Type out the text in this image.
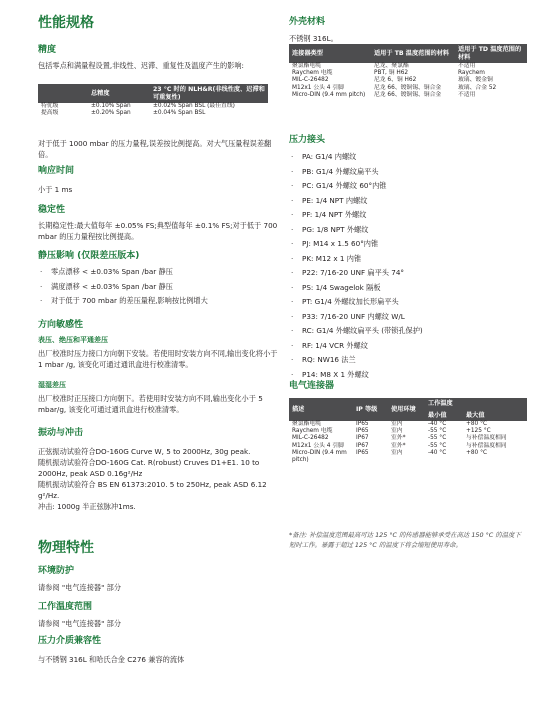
性能规格
精度
包括零点和满量程设置,非线性、迟滞、重复性及温度产生的影响:
	总精度	23 °C 时的 NLH&R(非线性度、迟滞和可重复性)
特优级	±0.10% Span	±0.02% Span BSL (最佳直线)
提高级	±0.20% Span	±0.04% Span BSL
对于低于 1000 mbar 的压力量程,误差按比例提高。对大气压量程误差翻倍。
响应时间
小于 1 ms
稳定性
长期稳定性:最大值每年 ±0.05% FS;典型值每年 ±0.1% FS;对于低于 700 mbar 的压力量程按比例提高。
静压影响 (仅限差压版本)
· 零点漂移 < ±0.03% Span /bar 静压
· 满度漂移 < ±0.03% Span /bar 静压
· 对于低于 700 mbar 的差压量程,影响按比例增大
方向敏感性
表压、绝压和平通差压
出厂校准时压力接口方向朝下安装。若使用时安装方向不同,输出变化将小于 1 mbar /g, 该变化可通过通讯盒进行校准清零。
湿湿差压
出厂校准时正压接口方向朝下。若使用时安装方向不同,输出变化小于 5 mbar/g, 该变化可通过通讯盒进行校准清零。
振动与冲击
正弦振动试验符合DO-160G Curve W, 5 to 2000Hz, 30g peak.
随机振动试验符合DO-160G Cat. R(robust) Cruves D1+E1. 10 to 2000Hz, peak ASD 0.16g²/Hz
随机振动试验符合 BS EN 61373:2010. 5 to 250Hz, peak ASD 6.12 g²/Hz.
冲击: 1000g 半正弦脉冲1ms.
物理特性
环境防护
请参阅 "电气连接器" 部分
工作温度范围
请参阅 "电气连接器" 部分
压力介质兼容性
与不锈钢 316L 和哈氏合金 C276 兼容的流体
外壳材料
不锈钢 316L。
连接器类型	适用于 TB 温度范围的材料	适用于 TD 温度范围的材料
聚氯酯电缆	尼龙、聚氯酯	不适用
Raychem 电缆	PBT, 铜 H62	Raychem
MIL-C-26482	尼龙 6、铜 H62	玻璃、镀金铜
M12x1 公头 4 引脚	尼龙 66、镀铜锡、铜合金	玻璃、合金 52
Micro-DIN (9.4 mm pitch)	尼龙 66、镀铜锡、铜合金	不适用
压力接头
· PA: G1/4 内螺纹
· PB: G1/4 外螺纹扁平头
· PC: G1/4 外螺纹 60°内锥
· PE: 1/4 NPT 内螺纹
· PF: 1/4 NPT 外螺纹
· PG: 1/8 NPT 外螺纹
· PJ: M14 x 1.5 60°内锥
· PK: M12 x 1 内锥
· P22: 7/16-20 UNF 扁平头 74°
· PS: 1/4 Swagelok 隔板
· PT: G1/4 外螺纹加长形扁平头
· P33: 7/16-20 UNF 内螺纹 W/L
· RC: G1/4 外螺纹扁平头 (带锁孔保护)
· RF: 1/4 VCR 外螺纹
· RQ: NW16 法兰
· P14: M8 X 1 外螺纹
电气连接器
描述	IP 等级	使用环境	工作温度	
			最小值	最大值
聚氯酯电缆	IP65	室内	-40 °C	+80 °C
Raychem 电缆	IP65	室内	-55 °C	+125 °C
MIL-C-26482	IP67	室外*	-55 °C	与补偿温度相同
M12x1 公头 4 引脚	IP67	室外*	-55 °C	与补偿温度相同
Micro-DIN (9.4 mm pitch)	IP65	室内	-40 °C	+80 °C
*备注: 补偿温度范围最高可达 125 °C 的传感器能够承受在高达 150 °C 的温度下短时工作。暴露于超过 125 °C 的温度下将会缩短使用寿命。
